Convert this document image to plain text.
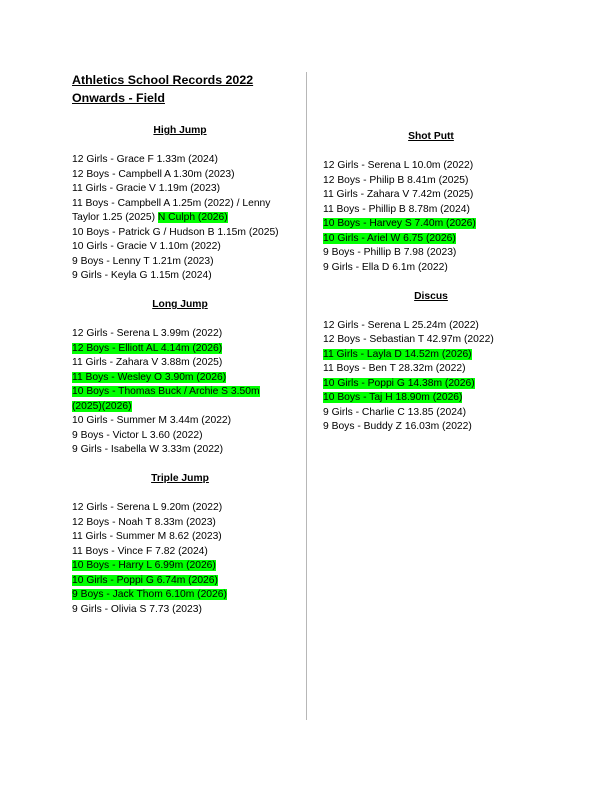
Athletics School Records 2022 Onwards - Field
High Jump
12 Girls - Grace F 1.33m (2024)
12 Boys - Campbell A 1.30m (2023)
11 Girls - Gracie V 1.19m (2023)
11 Boys - Campbell A 1.25m (2022) / Lenny Taylor 1.25 (2025) N Culph (2026)
10 Boys - Patrick G / Hudson B 1.15m (2025)
10 Girls - Gracie V 1.10m (2022)
9 Boys - Lenny T 1.21m (2023)
9 Girls - Keyla G 1.15m (2024)
Long Jump
12 Girls - Serena L 3.99m (2022)
12 Boys - Elliott AL 4.14m (2026)
11 Girls - Zahara V 3.88m (2025)
11 Boys - Wesley O 3.90m (2026)
10 Boys - Thomas Buck / Archie S 3.50m (2025)(2026)
10 Girls - Summer M 3.44m (2022)
9 Boys - Victor L 3.60 (2022)
9 Girls - Isabella W 3.33m (2022)
Triple Jump
12 Girls - Serena L 9.20m (2022)
12 Boys - Noah T 8.33m (2023)
11 Girls - Summer M 8.62 (2023)
11 Boys - Vince F 7.82 (2024)
10 Boys - Harry L 6.99m (2026)
10 Girls - Poppi G 6.74m (2026)
9 Boys - Jack Thom 6.10m (2026)
9 Girls - Olivia S 7.73 (2023)
Shot Putt
12 Girls - Serena L 10.0m (2022)
12 Boys - Philip B 8.41m (2025)
11 Girls - Zahara V 7.42m (2025)
11 Boys - Phillip B 8.78m (2024)
10 Boys - Harvey S 7.40m (2026)
10 Girls - Ariel W 6.75 (2026)
9 Boys - Phillip B 7.98 (2023)
9 Girls - Ella D 6.1m (2022)
Discus
12 Girls - Serena L 25.24m (2022)
12 Boys - Sebastian T 42.97m (2022)
11 Girls - Layla D 14.52m (2026)
11 Boys - Ben T 28.32m (2022)
10 Girls - Poppi G 14.38m (2026)
10 Boys - Taj H 18.90m (2026)
9 Girls - Charlie C 13.85 (2024)
9 Boys - Buddy Z 16.03m (2022)
